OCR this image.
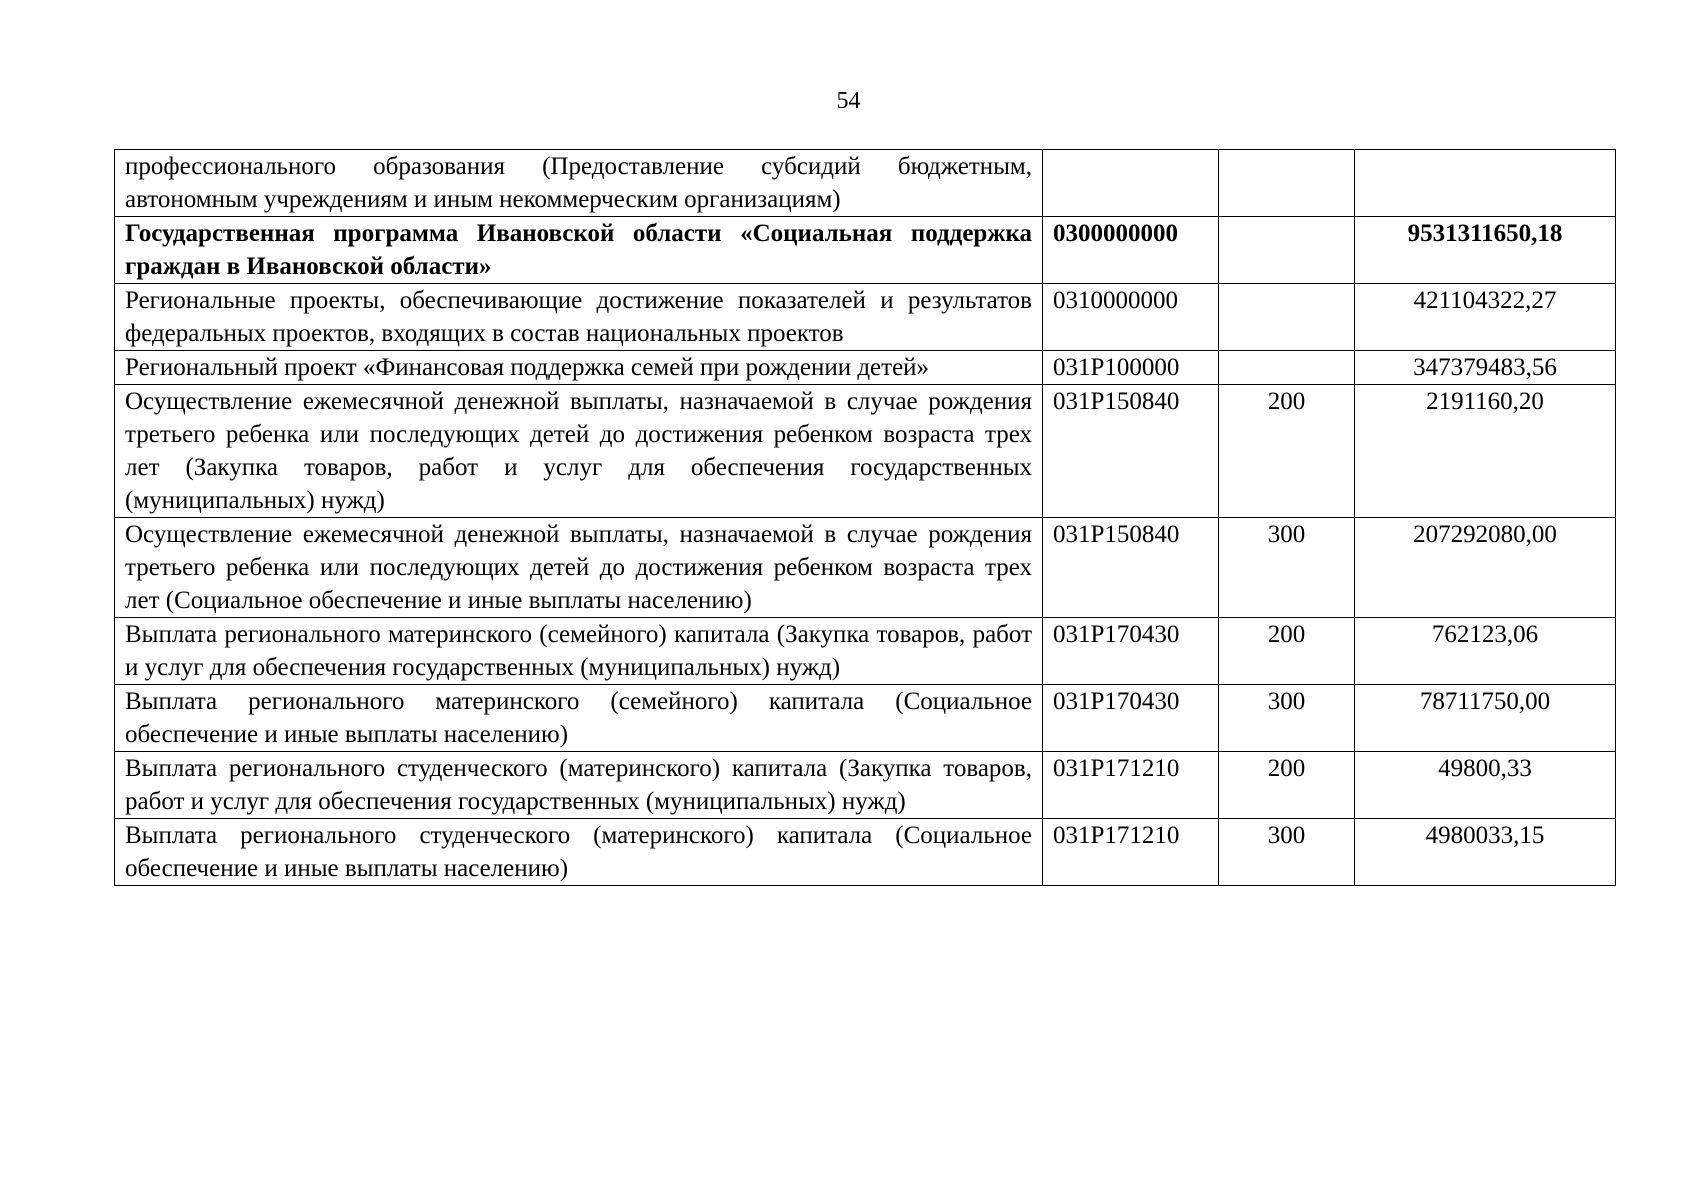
54
профессионального образования (Предоставление субсидий бюджетным, автономным учреждениям и иным некоммерческим организациям)			
Государственная программа Ивановской области «Социальная поддержка граждан в Ивановской области»	0300000000		9531311650,18
Региональные проекты, обеспечивающие достижение показателей и результатов федеральных проектов, входящих в состав национальных проектов	0310000000		421104322,27
Региональный проект «Финансовая поддержка семей при рождении детей»	031P100000		347379483,56
Осуществление ежемесячной денежной выплаты, назначаемой в случае рождения третьего ребенка или последующих детей до достижения ребенком возраста трех лет (Закупка товаров, работ и услуг для обеспечения государственных (муниципальных) нужд)	031P150840	200	2191160,20
Осуществление ежемесячной денежной выплаты, назначаемой в случае рождения третьего ребенка или последующих детей до достижения ребенком возраста трех лет (Социальное обеспечение и иные выплаты населению)	031P150840	300	207292080,00
Выплата регионального материнского (семейного) капитала (Закупка товаров, работ и услуг для обеспечения государственных (муниципальных) нужд)	031P170430	200	762123,06
Выплата регионального материнского (семейного) капитала (Социальное обеспечение и иные выплаты населению)	031P170430	300	78711750,00
Выплата регионального студенческого (материнского) капитала (Закупка товаров, работ и услуг для обеспечения государственных (муниципальных) нужд)	031P171210	200	49800,33
Выплата регионального студенческого (материнского) капитала (Социальное обеспечение и иные выплаты населению)	031P171210	300	4980033,15
